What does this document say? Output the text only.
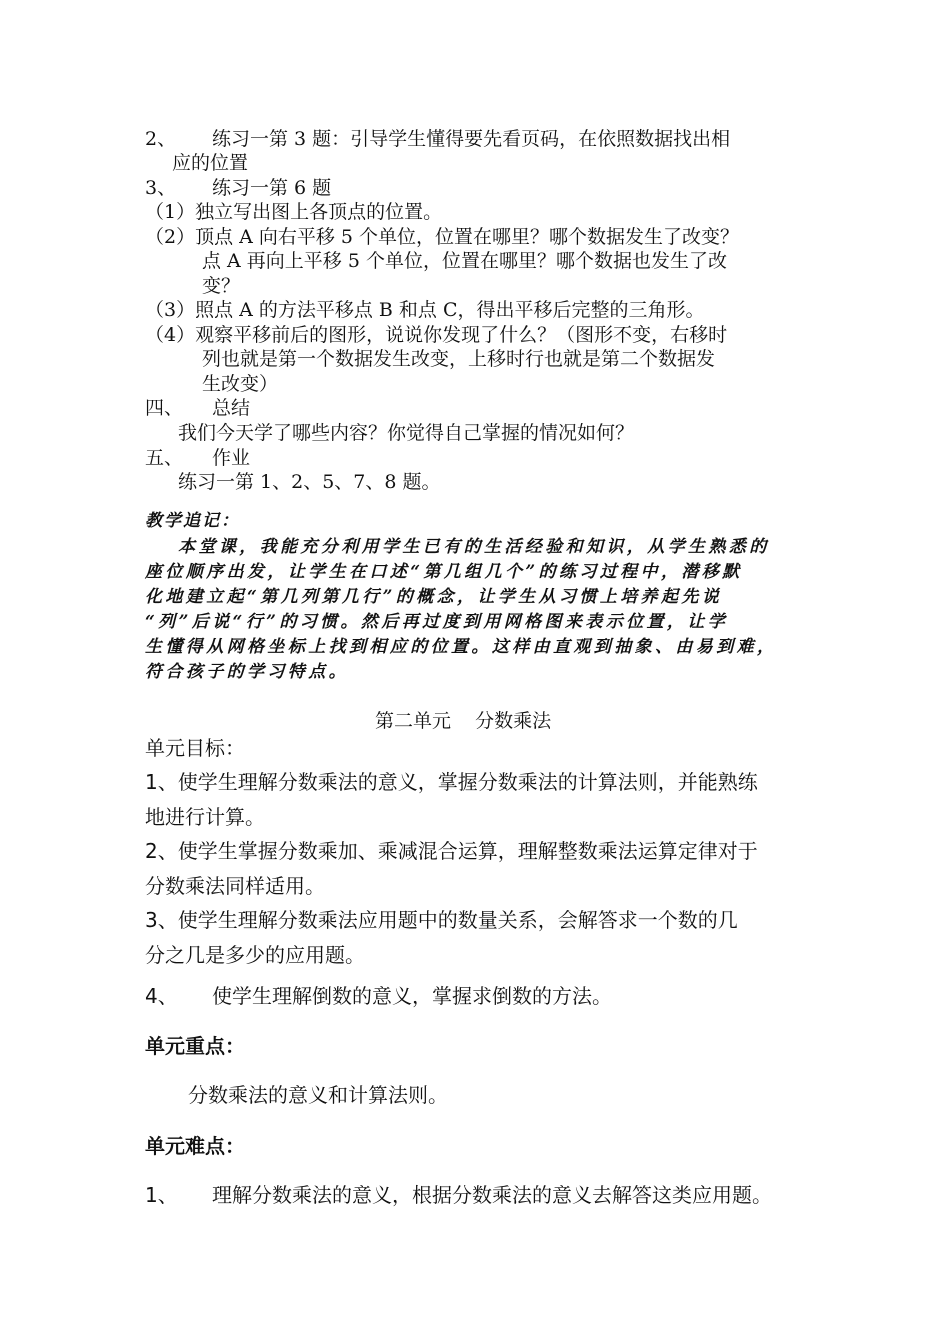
2、 练习一第 3 题：引导学生懂得要先看页码，在依照数据找出相
应的位置
3、 练习一第 6 题
（1）独立写出图上各顶点的位置。
（2）顶点 A 向右平移 5 个单位，位置在哪里？哪个数据发生了改变？
点 A 再向上平移 5 个单位，位置在哪里？哪个数据也发生了改
变？
（3）照点 A 的方法平移点 B 和点 C，得出平移后完整的三角形。
（4）观察平移前后的图形，说说你发现了什么？（图形不变，右移时
列也就是第一个数据发生改变，上移时行也就是第二个数据发
生改变）
四、 总结
我们今天学了哪些内容？你觉得自己掌握的情况如何？
五、 作业
练习一第 1、2、5、7、8 题。
教学追记：
本堂课，我能充分利用学生已有的生活经验和知识，从学生熟悉的
座位顺序出发，让学生在口述“第几组几个”的练习过程中，潜移默
化地建立起“第几列第几行”的概念，让学生从习惯上培养起先说
“列”后说“行”的习惯。然后再过度到用网格图来表示位置，让学
生懂得从网格坐标上找到相应的位置。这样由直观到抽象、由易到难，
符合孩子的学习特点。
第二单元    分数乘法
单元目标：
1、使学生理解分数乘法的意义，掌握分数乘法的计算法则，并能熟练
地进行计算。
2、使学生掌握分数乘加、乘减混合运算，理解整数乘法运算定律对于
分数乘法同样适用。
3、使学生理解分数乘法应用题中的数量关系，会解答求一个数的几
分之几是多少的应用题。
4、 使学生理解倒数的意义，掌握求倒数的方法。
单元重点：
分数乘法的意义和计算法则。
单元难点：
1、 理解分数乘法的意义，根据分数乘法的意义去解答这类应用题。
